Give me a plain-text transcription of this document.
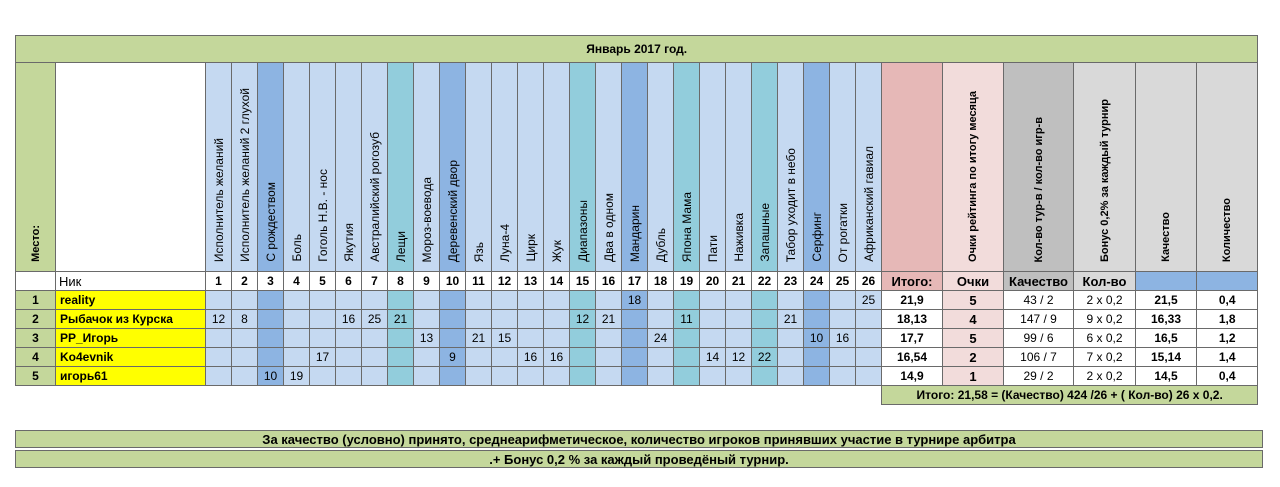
Январь 2017 год.																																	
Место:		Исполнитель желаний	Исполнитель желаний 2 глухой	С рождеством	Боль	Гоголь Н.В. - нос	Якутия	Австралийский рогозуб	Лещи	Мороз-воевода	Деревенский двор	Язь	Луна-4	Цирк	Жук	Диапазоны	Два в одном	Мандарин	Дубль	Япона Мама	Пати	Наживка	Запашные	Табор уходит в небо	Серфинг	От рогатки	Африканский гавиал		Очки рейтинга по итогу месяца	Кол-во тур-в / кол-во игр-в	Бонус 0,2% за каждый турнир	Качество	Количество
	Ник	1	2	3	4	5	6	7	8	9	10	11	12	13	14	15	16	17	18	19	20	21	22	23	24	25	26	Итого:	Очки	Качество	Кол-во		
1	reality																	18									25	21,9	5	43 / 2	2 x 0,2	21,5	0,4
2	Рыбачок из Курска	12	8				16	25	21							12	21			11				21				18,13	4	147 / 9	9 x 0,2	16,33	1,8
3	PP_Игорь									13		21	15						24						10	16		17,7	5	99 / 6	6 x 0,2	16,5	1,2
4	Ko4evnik					17					9			16	16						14	12	22					16,54	2	106 / 7	7 x 0,2	15,14	1,4
5	игорь61			10	19																							14,9	1	29 / 2	2 x 0,2	14,5	0,4
																												Итого: 21,58 = (Качество) 424 /26 + ( Кол-во) 26 х 0,2.					
За качество (условно) принято, среднеарифметическое, количество игроков принявших участие в турнире арбитра
.+ Бонус 0,2 % за каждый проведёный турнир.
